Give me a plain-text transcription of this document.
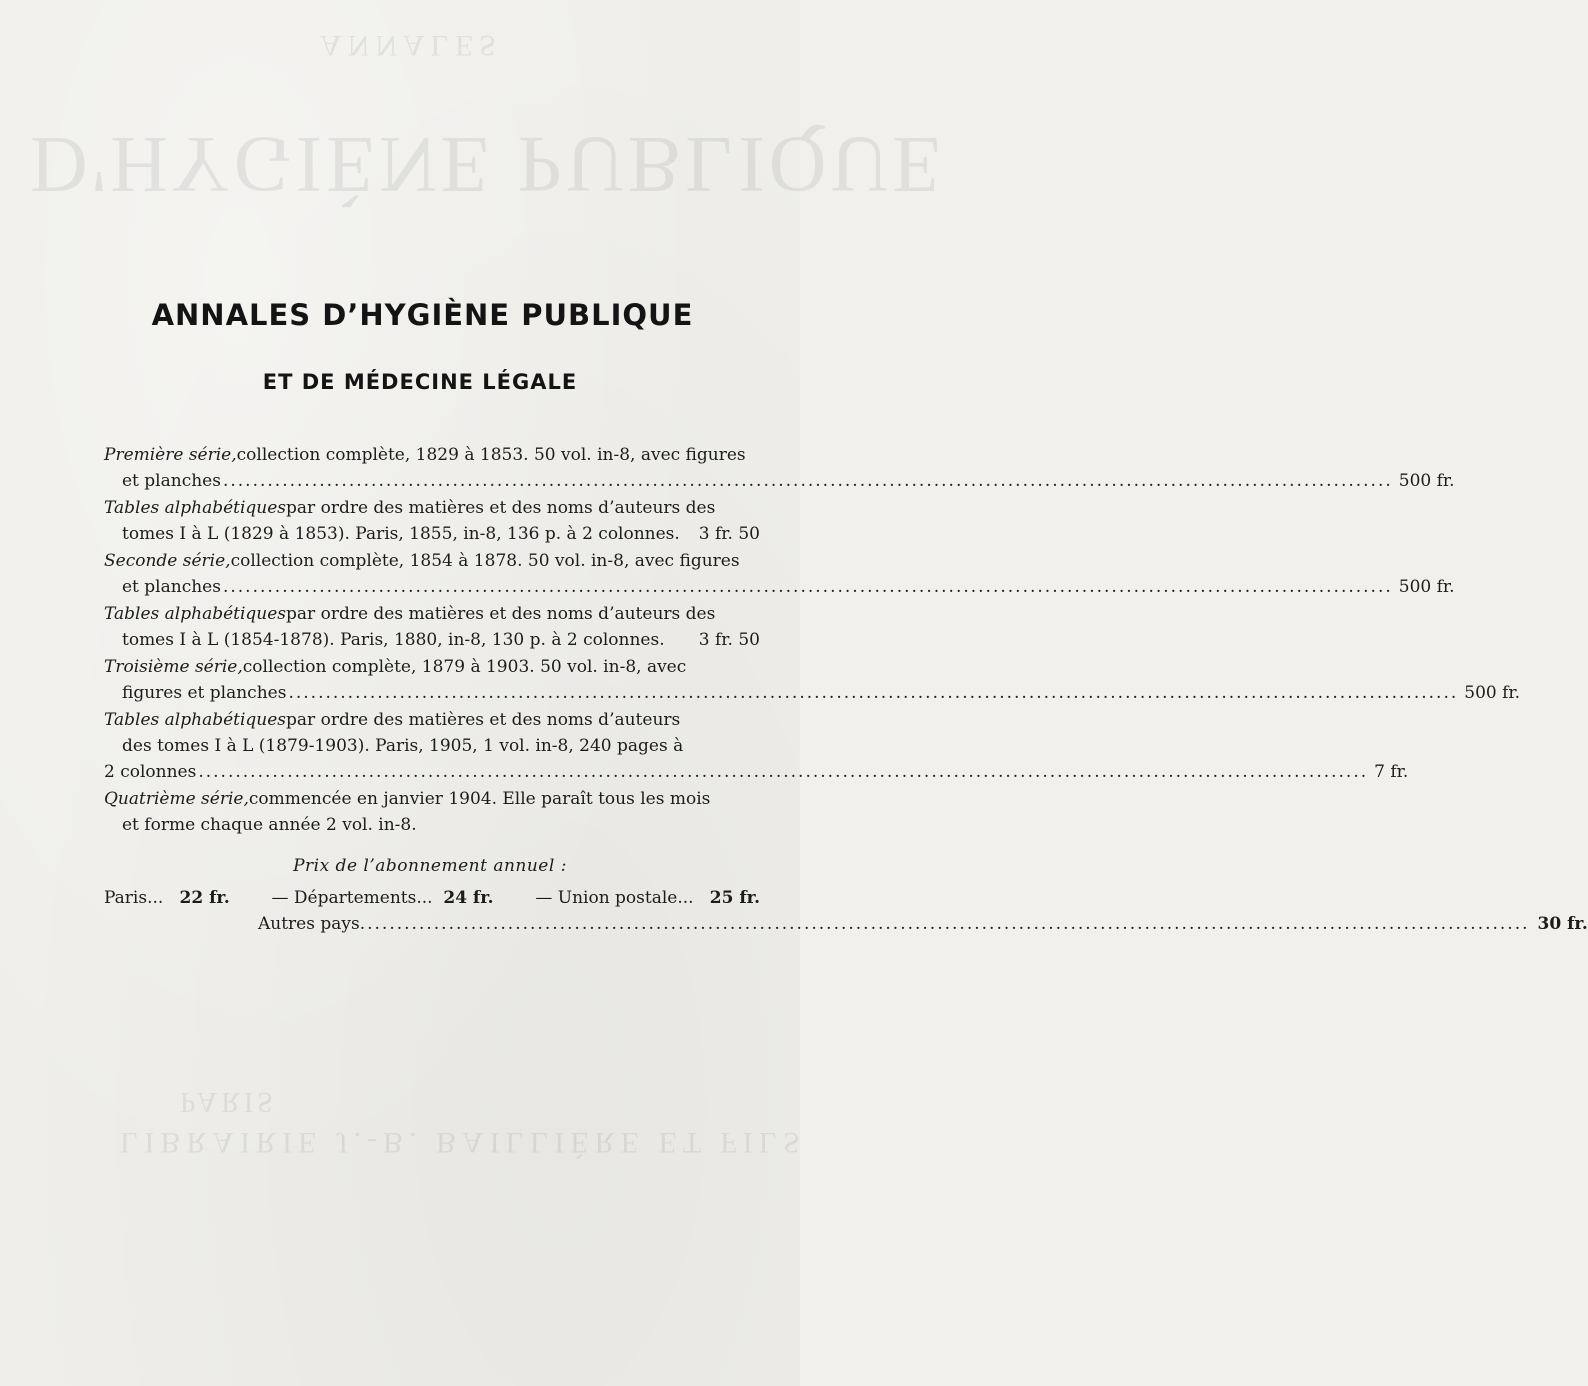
ANNALES
D'HYGIÈNE PUBLIQUE
PARIS
LIBRAIRIE J.-B. BAILLIÈRE ET FILS
ANNALES D’HYGIÈNE PUBLIQUE
ET DE MÉDECINE LÉGALE
Première série, collection complète, 1829 à 1853. 50 vol. in-8, avec figures
et planches .....	500 fr.
Tables alphabétiques par ordre des matières et des noms d’auteurs des
tomes I à L (1829 à 1853). Paris, 1855, in-8, 136 p. à 2 colonnes. 3 fr. 50
Seconde série, collection complète, 1854 à 1878. 50 vol. in-8, avec figures
et planches .....	500 fr.
Tables alphabétiques par ordre des matières et des noms d’auteurs des
tomes I à L (1854-1878). Paris, 1880, in-8, 130 p. à 2 colonnes. 3 fr. 50
Troisième série, collection complète, 1879 à 1903. 50 vol. in-8, avec
figures et planches .....	500 fr.
Tables alphabétiques par ordre des matières et des noms d’auteurs
des tomes I à L (1879-1903). Paris, 1905, 1 vol. in-8, 240 pages à
2 colonnes .....	7 fr.
Quatrième série, commencée en janvier 1904. Elle paraît tous les mois
et forme chaque année 2 vol. in-8.
Prix de l’abonnement annuel :
Paris... 22 fr. — Départements... 24 fr. — Union postale... 25 fr.
Autres pays .....	30 fr.
